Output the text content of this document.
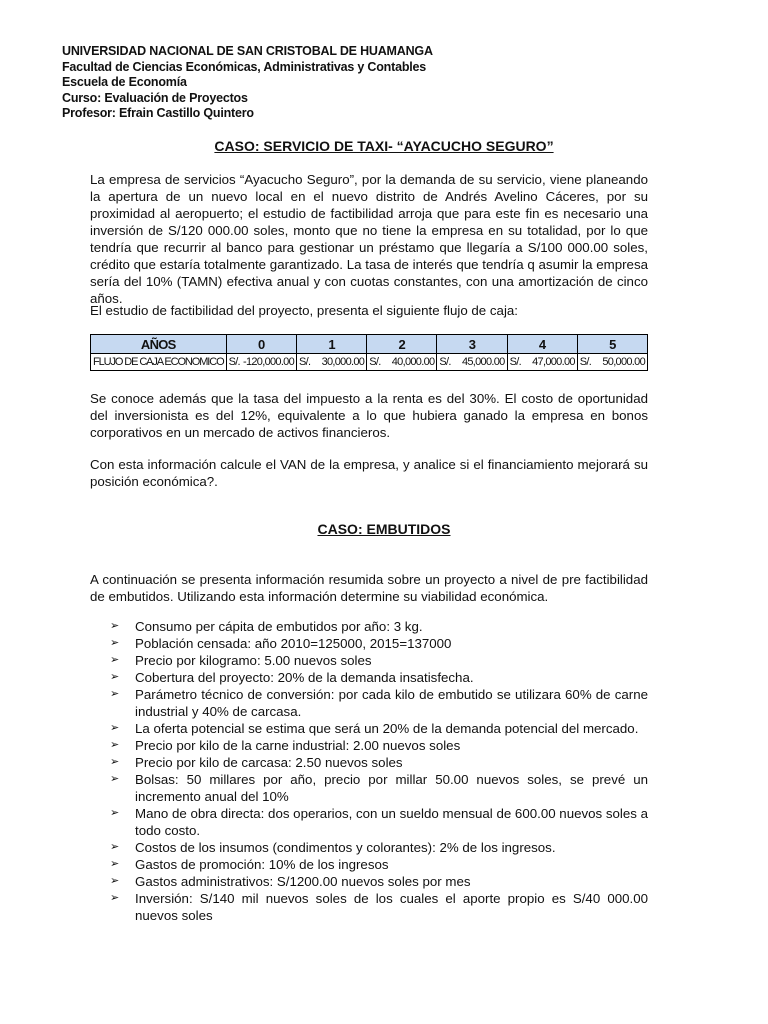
UNIVERSIDAD NACIONAL DE SAN CRISTOBAL DE HUAMANGA
Facultad de Ciencias Económicas, Administrativas y Contables
Escuela de Economía
Curso: Evaluación de Proyectos
Profesor: Efrain Castillo Quintero
CASO: SERVICIO DE TAXI- “AYACUCHO SEGURO”

La empresa de servicios “Ayacucho Seguro”, por la demanda de su servicio, viene planeando la apertura de un nuevo local en el nuevo distrito de Andrés Avelino Cáceres, por su proximidad al aeropuerto; el estudio de factibilidad arroja que para este fin es necesario una inversión de S/120 000.00 soles, monto que no tiene la empresa en su totalidad, por lo que tendría que recurrir al banco para gestionar un préstamo que llegaría a S/100 000.00 soles, crédito que estaría totalmente garantizado. La tasa de interés que tendría q asumir la empresa sería del 10% (TAMN) efectiva anual y con cuotas constantes, con una amortización de cinco años.

El estudio de factibilidad del proyecto, presenta el siguiente flujo de caja:

AÑOS	0	1	2	3	4	5
FLUJO DE CAJA ECONOMICO	S/. -120,000.00	S/. 30,000.00	S/. 40,000.00	S/. 45,000.00	S/. 47,000.00	S/. 50,000.00

Se conoce además que la tasa del impuesto a la renta es del 30%. El costo de oportunidad del inversionista es del 12%, equivalente a lo que hubiera ganado la empresa en bonos corporativos en un mercado de activos financieros.

Con esta información calcule el VAN de la empresa, y analice si el financiamiento mejorará su posición económica?.

CASO: EMBUTIDOS

A continuación se presenta información resumida sobre un proyecto a nivel de pre factibilidad de embutidos. Utilizando esta información determine su viabilidad económica.

➢ Consumo per cápita de embutidos por año: 3 kg.
➢ Población censada: año 2010=125000, 2015=137000
➢ Precio por kilogramo: 5.00 nuevos soles
➢ Cobertura del proyecto: 20% de la demanda insatisfecha.
➢ Parámetro técnico de conversión: por cada kilo de embutido se utilizara 60% de carne industrial y 40% de carcasa.
➢ La oferta potencial se estima que será un 20% de la demanda potencial del mercado.
➢ Precio por kilo de la carne industrial: 2.00 nuevos soles
➢ Precio por kilo de carcasa: 2.50 nuevos soles
➢ Bolsas: 50 millares por año, precio por millar 50.00 nuevos soles, se prevé un incremento anual del 10%
➢ Mano de obra directa: dos operarios, con un sueldo mensual de 600.00 nuevos soles a todo costo.
➢ Costos de los insumos (condimentos y colorantes): 2% de los ingresos.
➢ Gastos de promoción: 10% de los ingresos
➢ Gastos administrativos: S/1200.00 nuevos soles por mes
➢ Inversión: S/140 mil nuevos soles de los cuales el aporte propio es S/40 000.00 nuevos soles
